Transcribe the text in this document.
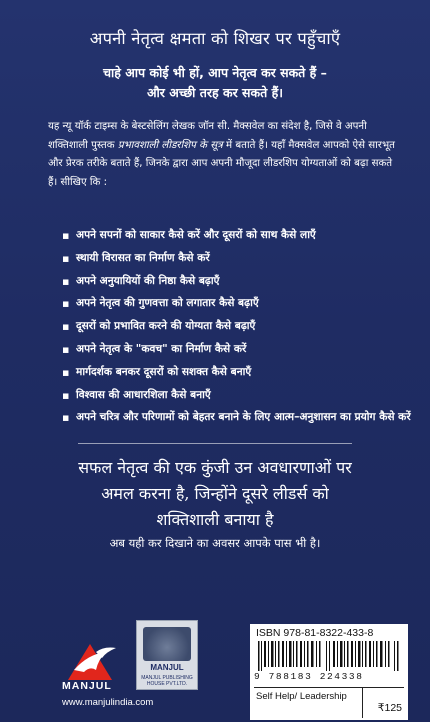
अपनी नेतृत्व क्षमता को शिखर पर पहुँचाएँ
चाहे आप कोई भी हों, आप नेतृत्व कर सकते हैं –
और अच्छी तरह कर सकते हैं।
यह न्यू यॉर्क टाइम्स के बेस्टसेलिंग लेखक जॉन सी. मैक्सवेल का संदेश है, जिसे वे अपनी शक्तिशाली पुस्तक प्रभावशाली लीडरशिप के सूत्र में बताते हैं। यहाँ मैक्सवेल आपको ऐसे सारभूत और प्रेरक तरीके बताते हैं, जिनके द्वारा आप अपनी मौजूदा लीडरशिप योग्यताओं को बढ़ा सकते हैं। सीखिए कि :
▪ अपने सपनों को साकार कैसे करें और दूसरों को साथ कैसे लाएँ
▪ स्थायी विरासत का निर्माण कैसे करें
▪ अपने अनुयायियों की निष्ठा कैसे बढ़ाएँ
▪ अपने नेतृत्व की गुणवत्ता को लगातार कैसे बढ़ाएँ
▪ दूसरों को प्रभावित करने की योग्यता कैसे बढ़ाएँ
▪ अपने नेतृत्व के "कवच" का निर्माण कैसे करें
▪ मार्गदर्शक बनकर दूसरों को सशक्त कैसे बनाएँ
▪ विश्वास की आधारशिला कैसे बनाएँ
▪ अपने चरित्र और परिणामों को बेहतर बनाने के लिए आत्म–अनुशासन का प्रयोग कैसे करें
सफल नेतृत्व की एक कुंजी उन अवधारणाओं पर
अमल करना है, जिन्होंने दूसरे लीडर्स को
शक्तिशाली बनाया है
अब यही कर दिखाने का अवसर आपके पास भी है।
MANJUL
www.manjulindia.com
MANJUL
MANJUL PUBLISHING HOUSE PVT.LTD.
ISBN 978-81-8322-433-8
9 788183 224338
Self Help/ Leadership
₹125
